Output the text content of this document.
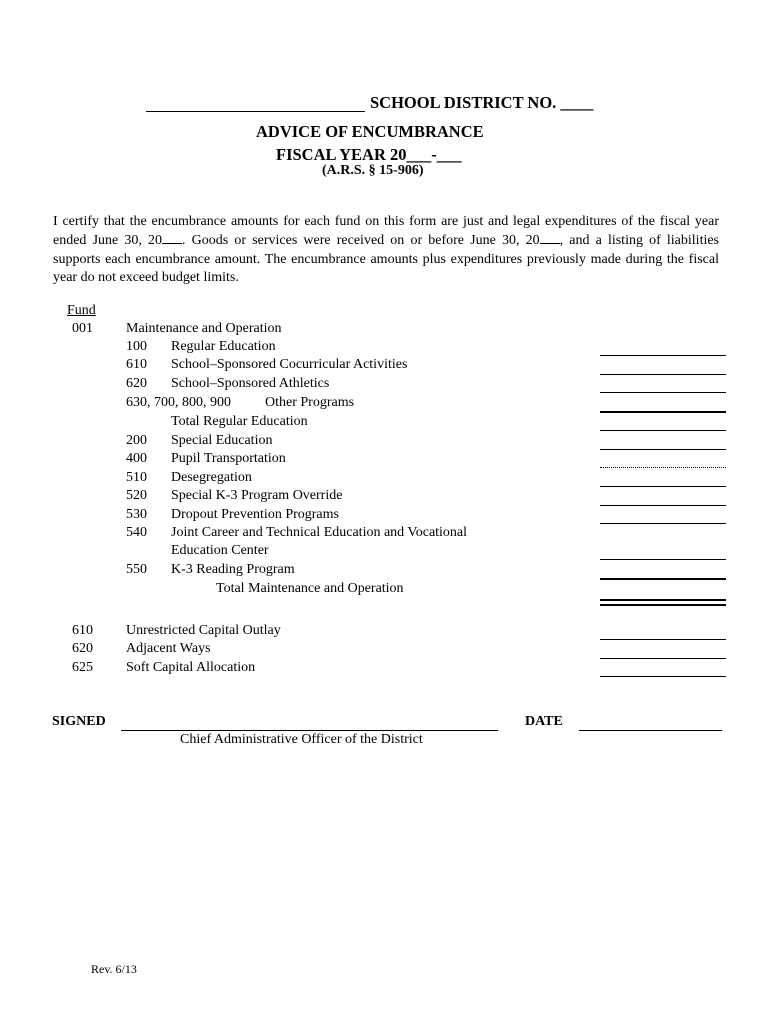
SCHOOL DISTRICT NO. ____
ADVICE OF ENCUMBRANCE
FISCAL YEAR 20___-___
(A.R.S. § 15-906)
I certify that the encumbrance amounts for each fund on this form are just and legal expenditures of the fiscal year ended June 30, 20 . Goods or services were received on or before June 30, 20 , and a listing of liabilities supports each encumbrance amount. The encumbrance amounts plus expenditures previously made during the fiscal year do not exceed budget limits.
Fund
001 Maintenance and Operation
100 Regular Education
610 School–Sponsored Cocurricular Activities
620 School–Sponsored Athletics
630, 700, 800, 900 Other Programs
Total Regular Education
200 Special Education
400 Pupil Transportation
510 Desegregation
520 Special K-3 Program Override
530 Dropout Prevention Programs
540 Joint Career and Technical Education and Vocational
Education Center
550 K-3 Reading Program
Total Maintenance and Operation
610 Unrestricted Capital Outlay
620 Adjacent Ways
625 Soft Capital Allocation
SIGNED	DATE
Chief Administrative Officer of the District
Rev. 6/13
